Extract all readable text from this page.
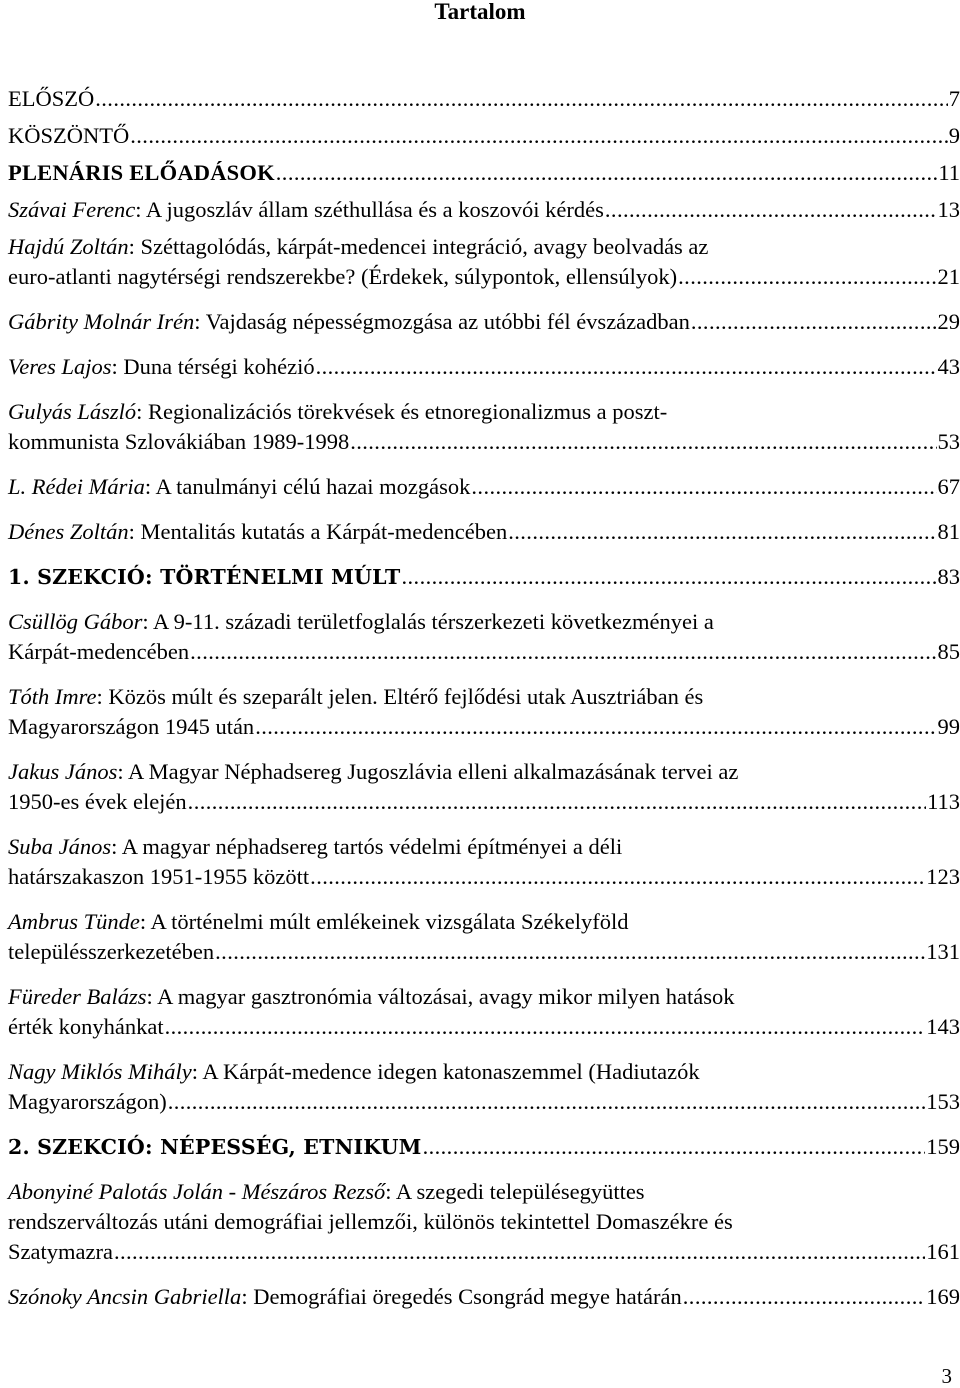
Tartalom
ELŐSZÓ .....	7
KÖSZÖNTŐ .....	9
PLENÁRIS ELŐADÁSOK .....	11
Szávai Ferenc: A jugoszláv állam széthullása és a koszovói kérdés .....	13
Hajdú Zoltán: Széttagolódás, kárpát-medencei integráció, avagy beolvadás az
euro-atlanti nagytérségi rendszerekbe? (Érdekek, súlypontok, ellensúlyok) .....	21
Gábrity Molnár Irén: Vajdaság népességmozgása az utóbbi fél évszázadban .....	29
Veres Lajos: Duna térségi kohézió .....	43
Gulyás László: Regionalizációs törekvések és etnoregionalizmus a poszt-
kommunista Szlovákiában 1989-1998 .....	53
L. Rédei Mária: A tanulmányi célú hazai mozgások .....	67
Dénes Zoltán: Mentalitás kutatás a Kárpát-medencében .....	81
1. SZEKCIÓ: TÖRTÉNELMI MÚLT .....	83
Csüllög Gábor: A 9-11. századi területfoglalás térszerkezeti következményei a
Kárpát-medencében .....	85
Tóth Imre: Közös múlt és szeparált jelen. Eltérő fejlődési utak Ausztriában és
Magyarországon 1945 után .....	99
Jakus János: A Magyar Néphadsereg Jugoszlávia elleni alkalmazásának tervei az
1950-es évek elején .....	113
Suba János: A magyar néphadsereg tartós védelmi építményei a déli
határszakaszon 1951-1955 között .....	123
Ambrus Tünde: A történelmi múlt emlékeinek vizsgálata Székelyföld
településszerkezetében .....	131
Füreder Balázs: A magyar gasztronómia változásai, avagy mikor milyen hatások
érték konyhánkat .....	143
Nagy Miklós Mihály: A Kárpát-medence idegen katonaszemmel (Hadiutazók
Magyarországon) .....	153
2. SZEKCIÓ: NÉPESSÉG, ETNIKUM .....	159
Abonyiné Palotás Jolán - Mészáros Rezső: A szegedi településegyüttes
rendszerváltozás utáni demográfiai jellemzői, különös tekintettel Domaszékre és
Szatymazra .....	161
Szónoky Ancsin Gabriella: Demográfiai öregedés Csongrád megye határán .....	169
3
